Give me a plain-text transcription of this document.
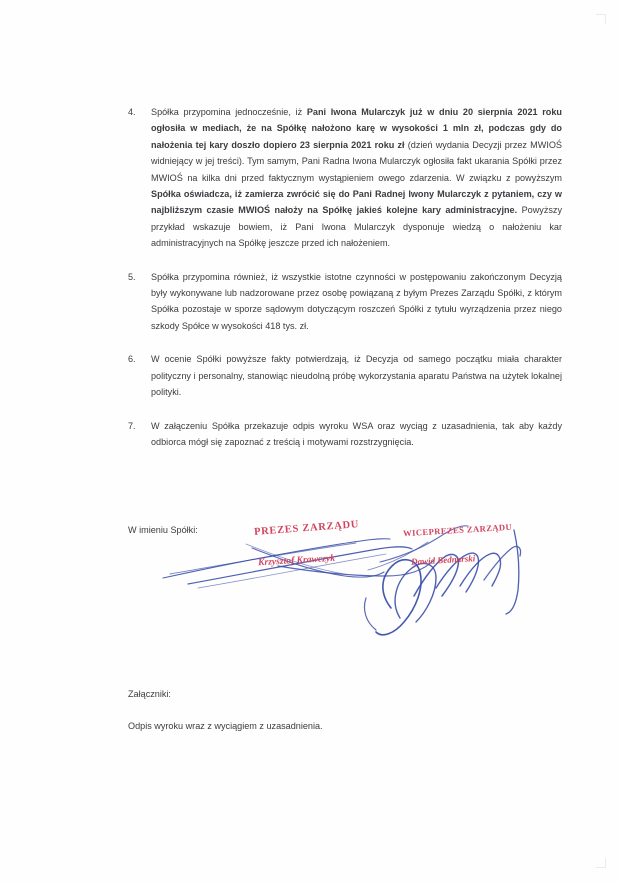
4.	Spółka przypomina jednocześnie, iż Pani Iwona Mularczyk już w dniu 20 sierpnia 2021 roku ogłosiła w mediach, że na Spółkę nałożono karę w wysokości 1 mln zł, podczas gdy do nałożenia tej kary doszło dopiero 23 sierpnia 2021 roku zł (dzień wydania Decyzji przez MWIOŚ widniejący w jej treści). Tym samym, Pani Radna Iwona Mularczyk ogłosiła fakt ukarania Spółki przez MWIOŚ na kilka dni przed faktycznym wystąpieniem owego zdarzenia. W związku z powyższym Spółka oświadcza, iż zamierza zwrócić się do Pani Radnej Iwony Mularczyk z pytaniem, czy w najbliższym czasie MWIOŚ nałoży na Spółkę jakieś kolejne kary administracyjne. Powyższy przykład wskazuje bowiem, iż Pani Iwona Mularczyk dysponuje wiedzą o nałożeniu kar administracyjnych na Spółkę jeszcze przed ich nałożeniem.
5.	Spółka przypomina również, iż wszystkie istotne czynności w postępowaniu zakończonym Decyzją były wykonywane lub nadzorowane przez osobę powiązaną z byłym Prezes Zarządu Spółki, z którym Spółka pozostaje w sporze sądowym dotyczącym roszczeń Spółki z tytułu wyrządzenia przez niego szkody Spółce w wysokości 418 tys. zł.
6.	W ocenie Spółki powyższe fakty potwierdzają, iż Decyzja od samego początku miała charakter polityczny i personalny, stanowiąc nieudolną próbę wykorzystania aparatu Państwa na użytek lokalnej polityki.
7.	W załączeniu Spółka przekazuje odpis wyroku WSA oraz wyciąg z uzasadnienia, tak aby każdy odbiorca mógł się zapoznać z treścią i motywami rozstrzygnięcia.
W imieniu Spółki:	PREZES ZARZĄDU
Krzysztof Krawczyk
WICEPREZES ZARZĄDU
Dawid Bednarski
Załączniki:
Odpis wyroku wraz z wyciągiem z uzasadnienia.
